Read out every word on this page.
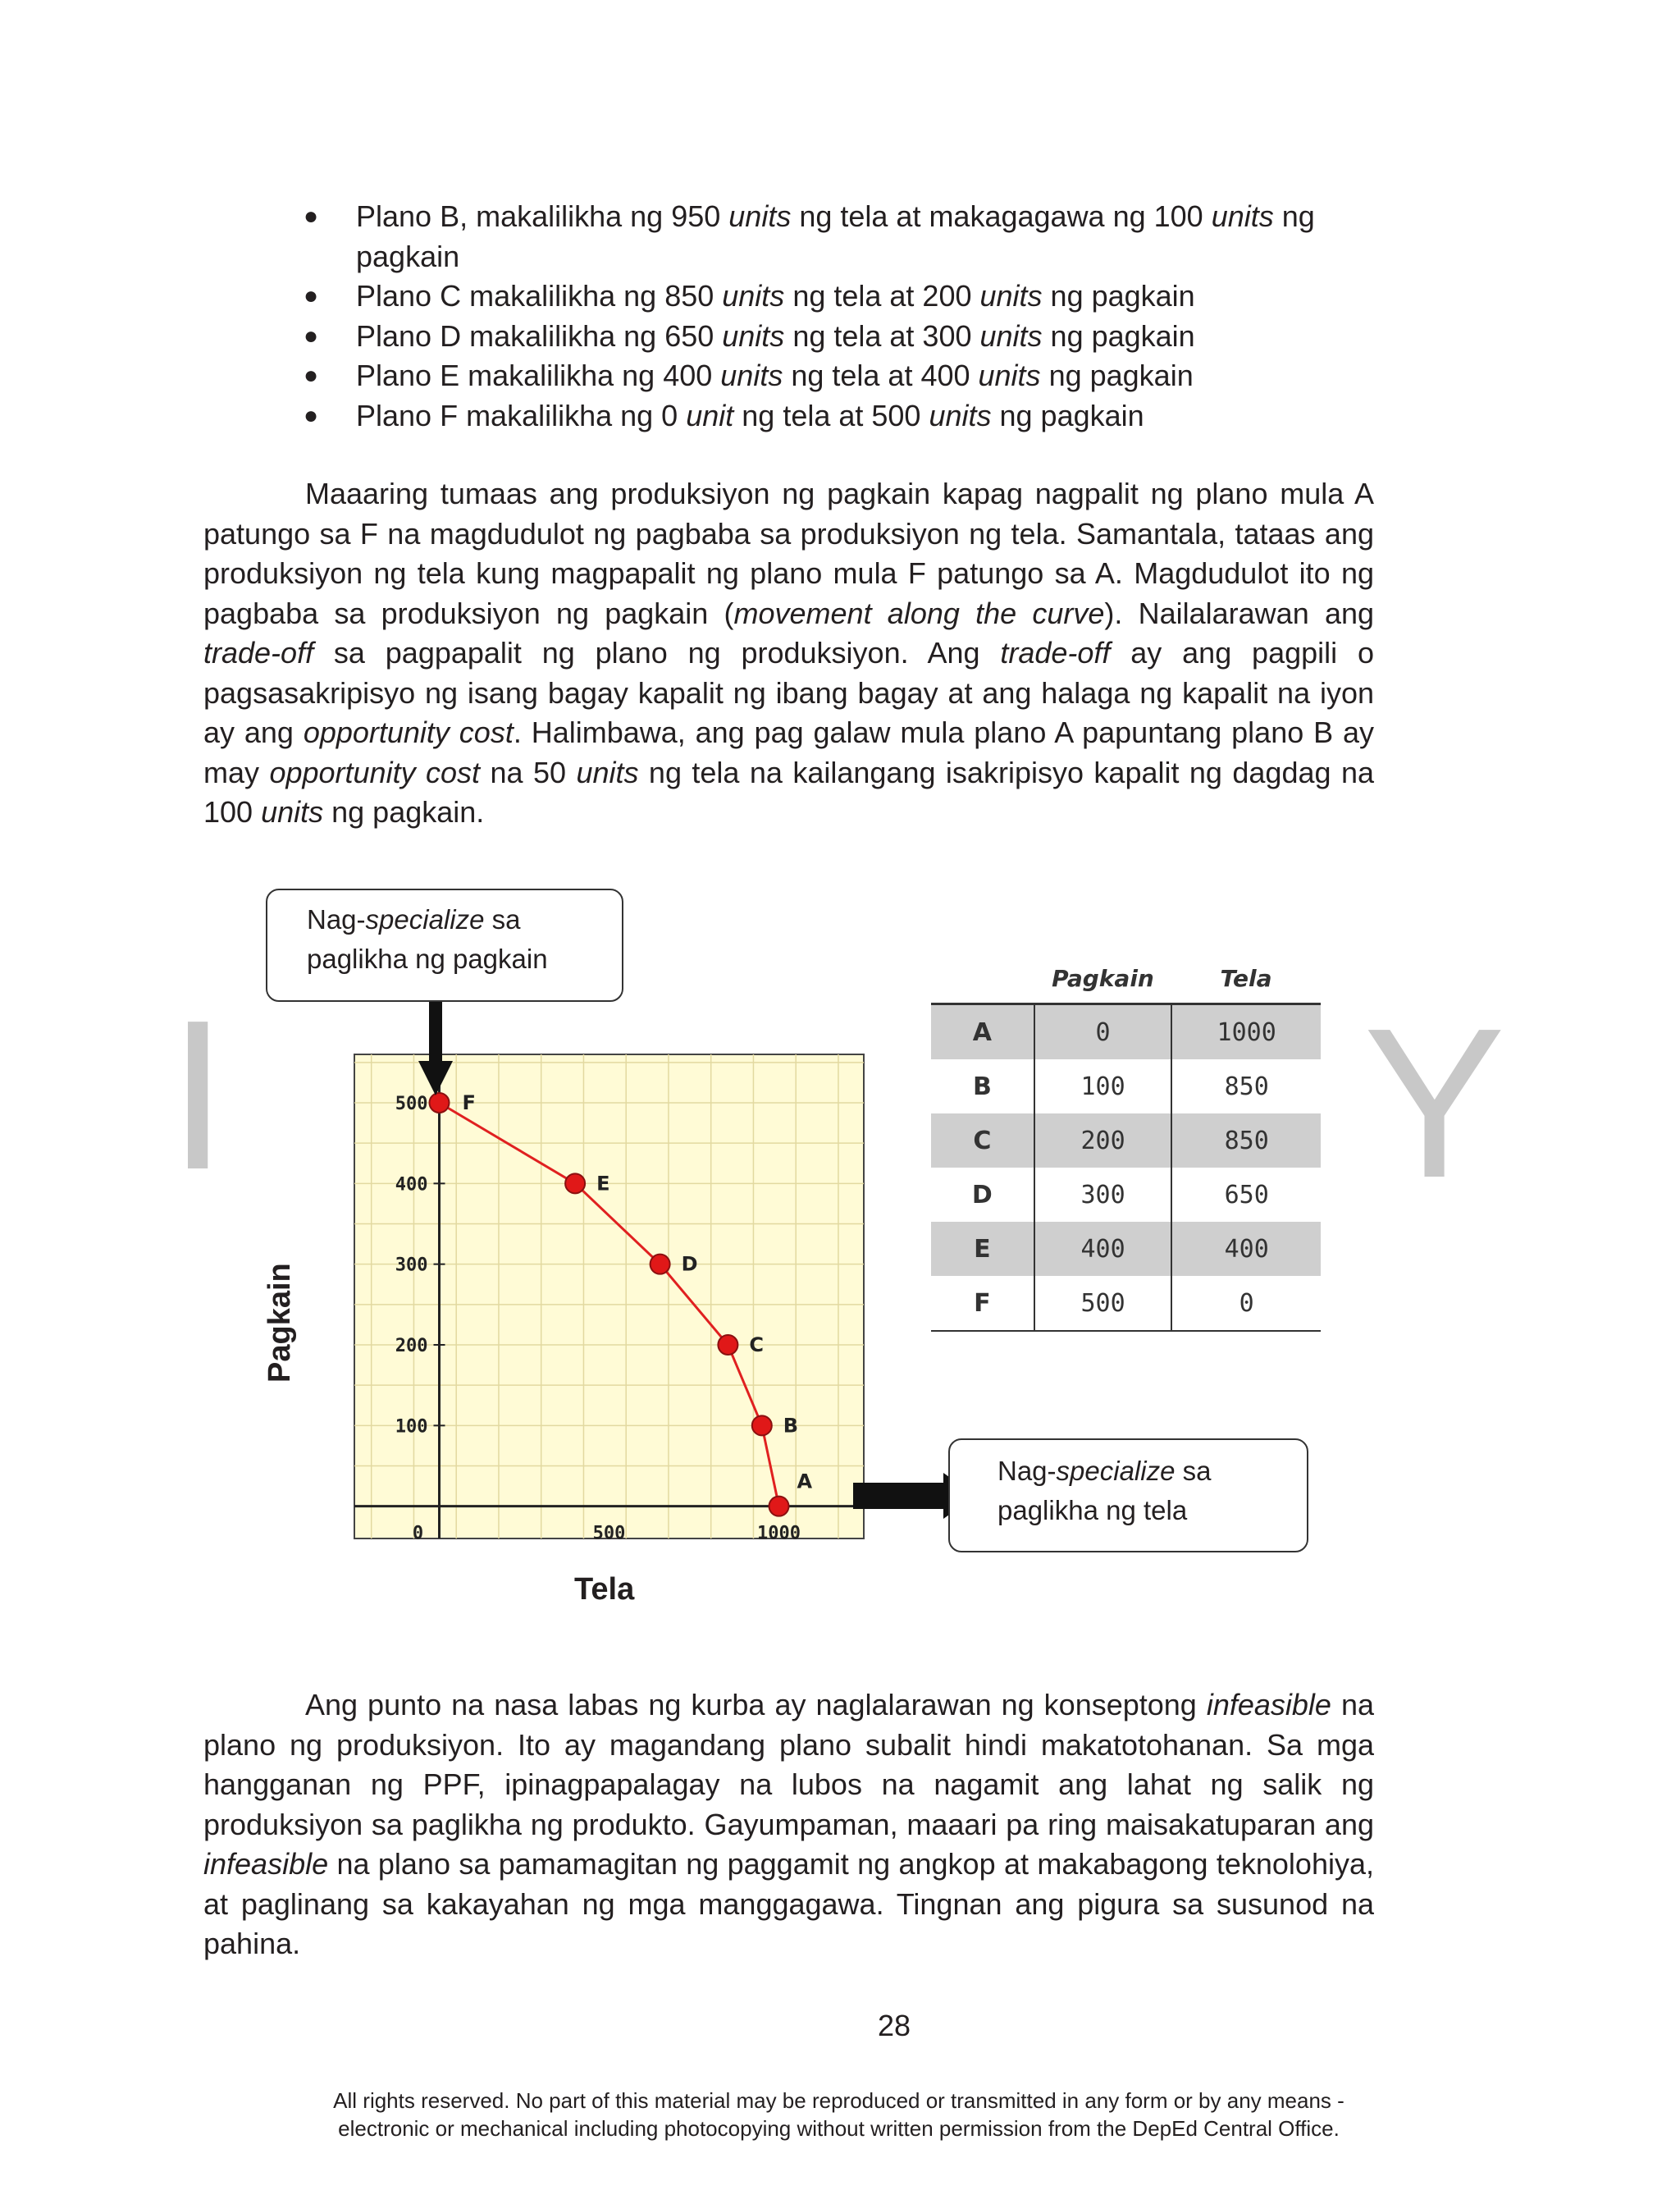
I	Y
●	Plano B, makalilikha ng 950 units ng tela at makagagawa ng 100 units ng pagkain
●	Plano C makalilikha ng 850 units ng tela at 200 units ng pagkain
●	Plano D makalilikha ng 650 units ng tela at 300 units ng pagkain
●	Plano E makalilikha ng 400 units ng tela at 400 units ng pagkain
●	Plano F makalilikha ng 0 unit ng tela at 500 units ng pagkain
Maaaring tumaas ang produksiyon ng pagkain kapag nagpalit ng plano mula A patungo sa F na magdudulot ng pagbaba sa produksiyon ng tela. Samantala, tataas ang produksiyon ng tela kung magpapalit ng plano mula F patungo sa A. Magdudulot ito ng pagbaba sa produksiyon ng pagkain (movement along the curve). Nailalarawan ang trade-off sa pagpapalit ng plano ng produksiyon. Ang trade-off ay ang pagpili o pagsasakripisyo ng isang bagay kapalit ng ibang bagay at ang halaga ng kapalit na iyon ay ang opportunity cost. Halimbawa, ang pag galaw mula plano A papuntang plano B ay may opportunity cost na 50 units ng tela na kailangang isakripisyo kapalit ng dagdag na 100 units ng pagkain.
Nag-specialize sa
paglikha ng pagkain
100
200
300
400
500
0	500	1000
A
B
C
D
E
F
Pagkain
Tela
Pagkain	Tela
A	0	1000
B	100	850
C	200	850
D	300	650
E	400	400
F	500	0
Nag-specialize sa
paglikha ng tela
Ang punto na nasa labas ng kurba ay naglalarawan ng konseptong infeasible na plano ng produksiyon. Ito ay magandang plano subalit hindi makatotohanan. Sa mga hangganan ng PPF, ipinagpapalagay na lubos na nagamit ang lahat ng salik ng produksiyon sa paglikha ng produkto. Gayumpaman, maaari pa ring maisakatuparan ang infeasible na plano sa pamamagitan ng paggamit ng angkop at makabagong teknolohiya, at paglinang sa kakayahan ng mga manggagawa. Tingnan ang pigura sa susunod na pahina.
28
All rights reserved. No part of this material may be reproduced or transmitted in any form or by any means -
electronic or mechanical including photocopying without written permission from the DepEd Central Office.
